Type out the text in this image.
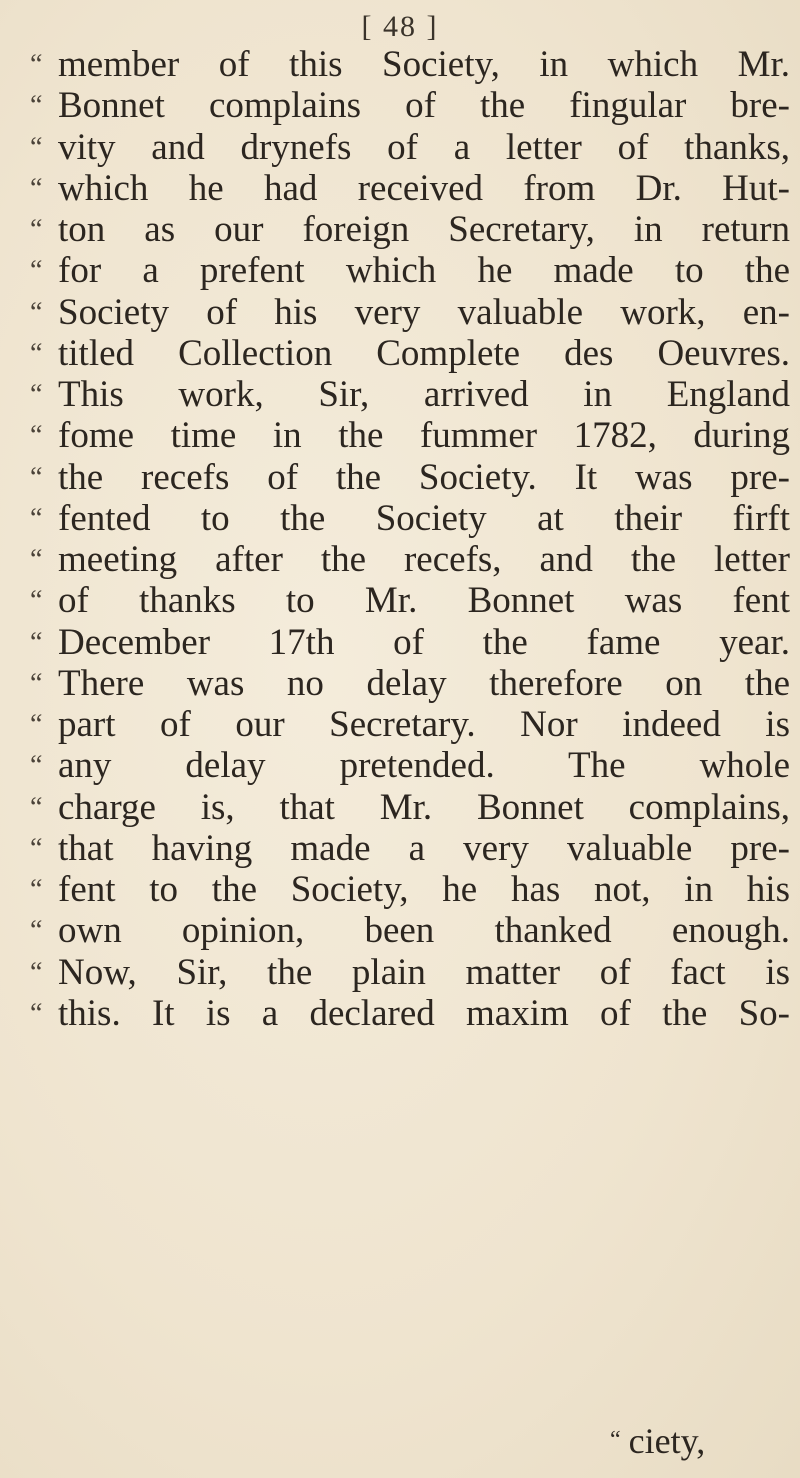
[ 48 ]
“ member of this Society, in which Mr.
“ Bonnet complains of the fingular bre-
“ vity and drynefs of a letter of thanks,
“ which he had received from Dr. Hut-
“ ton as our foreign Secretary, in return
“ for a prefent which he made to the
“ Society of his very valuable work, en-
“ titled Collection Complete des Oeuvres.
“ This work, Sir, arrived in England
“ fome time in the fummer 1782, during
“ the recefs of the Society. It was pre-
“ fented to the Society at their firft
“ meeting after the recefs, and the letter
“ of thanks to Mr. Bonnet was fent
“ December 17th of the fame year.
“ There was no delay therefore on the
“ part of our Secretary. Nor indeed is
“ any delay pretended. The whole
“ charge is, that Mr. Bonnet complains,
“ that having made a very valuable pre-
“ fent to the Society, he has not, in his
“ own opinion, been thanked enough.
“ Now, Sir, the plain matter of fact is
“ this. It is a declared maxim of the So-
“ ciety,
